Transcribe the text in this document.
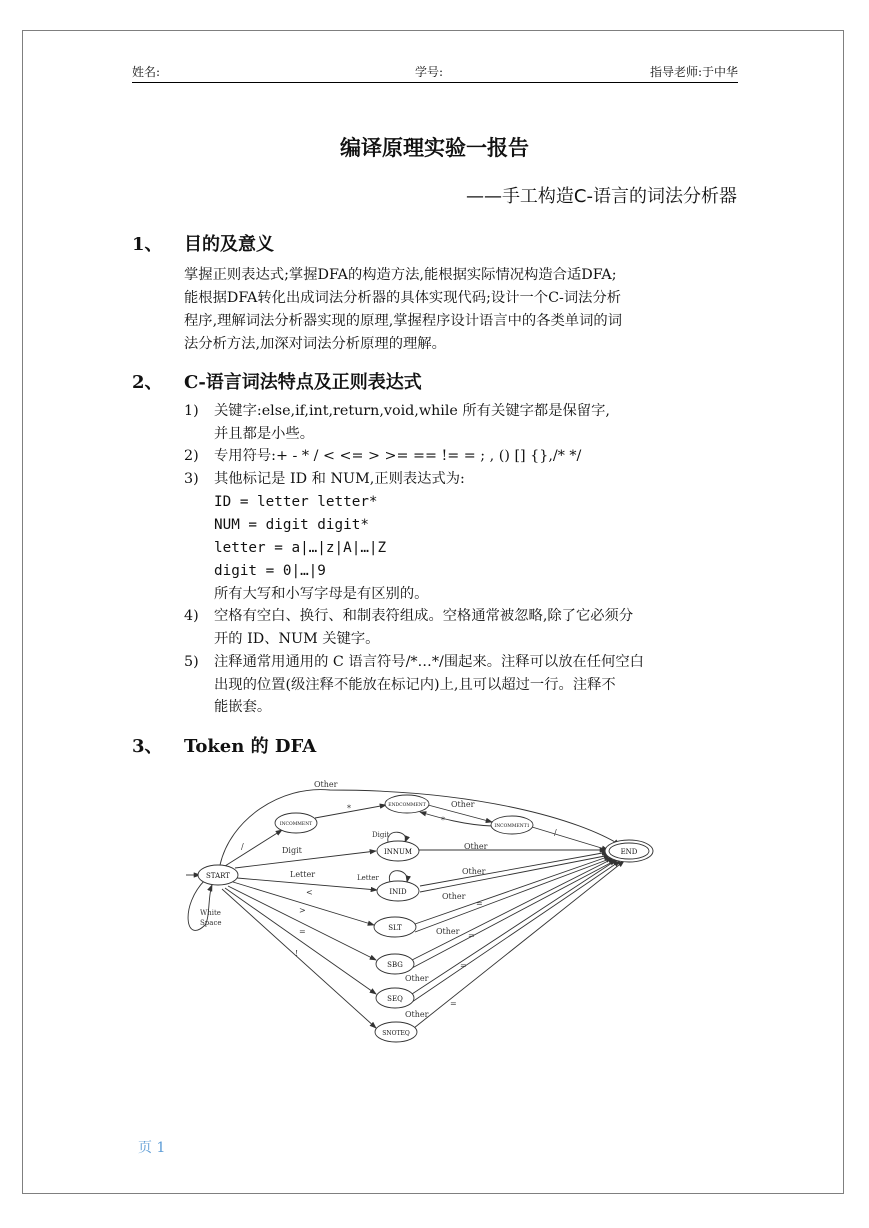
姓名:	学号:	指导老师:于中华
编译原理实验一报告
——手工构造C-语言的词法分析器
1、 目的及意义
掌握正则表达式;掌握DFA的构造方法,能根据实际情况构造合适DFA;
能根据DFA转化出成词法分析器的具体实现代码;设计一个C-词法分析
程序,理解词法分析器实现的原理,掌握程序设计语言中的各类单词的词
法分析方法,加深对词法分析原理的理解。
2、 C-语言词法特点及正则表达式
1) 关键字:else,if,int,return,void,while 所有关键字都是保留字,
并且都是小些。
2) 专用符号:+ - * / < <= > >= == != = ; , () [] {},/* */
3) 其他标记是 ID 和 NUM,正则表达式为:
ID = letter letter*
NUM = digit digit*
letter = a|…|z|A|…|Z
digit = 0|…|9
所有大写和小写字母是有区别的。
4) 空格有空白、换行、和制表符组成。空格通常被忽略,除了它必须分
开的 ID、NUM 关键字。
5) 注释通常用通用的 C 语言符号/*…*/围起来。注释可以放在任何空白
出现的位置(级注释不能放在标记内)上,且可以超过一行。注释不
能嵌套。
3、 Token 的 DFA
START
INCOMMENT
ENDCOMMENT
INCOMMENT1
INNUM
INID
SLT
SBG
SEQ
SNOTEQ
END
Other
*	Other
*
/
/
Digit
Digit	Other
Letter	Letter
Other
<	Other
>
=
=	Other
!
=
Other
=
Other
=
White
Space
页 1
